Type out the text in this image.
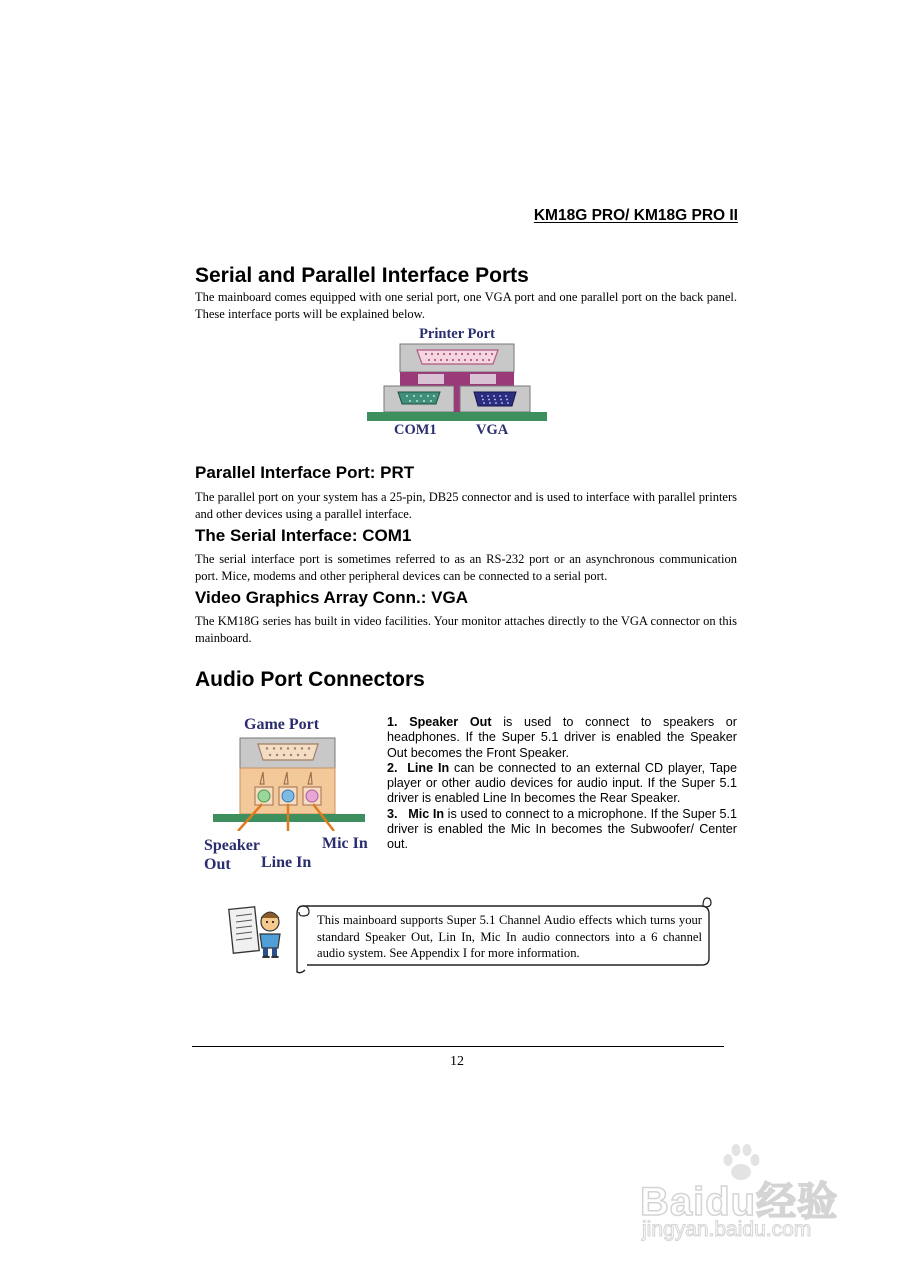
KM18G PRO/ KM18G PRO II
Serial and Parallel Interface Ports
The mainboard comes equipped with one serial port, one VGA port and one parallel port on the back panel. These interface ports will be explained below.
Printer Port
COM1	VGA
Parallel Interface Port: PRT
The parallel port on your system has a 25-pin, DB25 connector and is used to interface with parallel printers and other devices using a parallel interface.
The Serial Interface: COM1
The serial interface port is sometimes referred to as an RS-232 port or an asynchronous communication port. Mice, modems and other peripheral devices can be connected to a serial port.
Video Graphics Array Conn.: VGA
The KM18G series has built in video facilities. Your monitor attaches directly to the VGA connector on this mainboard.
Audio Port Connectors
Game Port
Speaker
Out Line In
Mic In
1. Speaker Out is used to connect to speakers or headphones. If the Super 5.1 driver is enabled the Speaker Out becomes the Front Speaker.
2. Line In can be connected to an external CD player, Tape player or other audio devices for audio input. If the Super 5.1 driver is enabled Line In becomes the Rear Speaker.
3. Mic In is used to connect to a microphone. If the Super 5.1 driver is enabled the Mic In becomes the Subwoofer/ Center out.
This mainboard supports Super 5.1 Channel Audio effects which turns your standard Speaker Out, Lin In, Mic In audio connectors into a 6 channel audio system. See Appendix I for more information.
12
Baidu经验
jingyan.baidu.com
